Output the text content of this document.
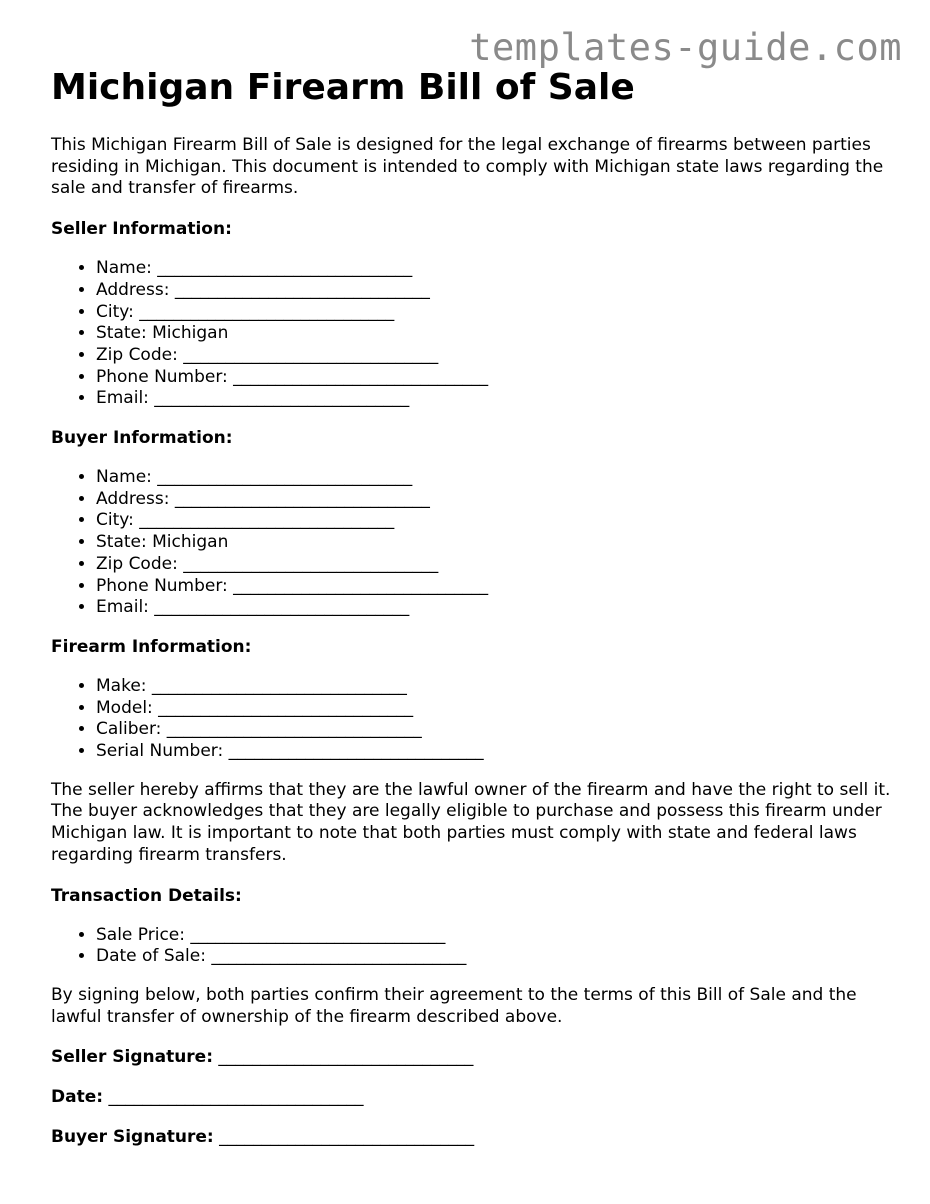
templates-guide.com
Michigan Firearm Bill of Sale

This Michigan Firearm Bill of Sale is designed for the legal exchange of firearms between parties residing in Michigan. This document is intended to comply with Michigan state laws regarding the sale and transfer of firearms.

Seller Information:
• Name: ______________________________
• Address: ______________________________
• City: ______________________________
• State: Michigan
• Zip Code: ______________________________
• Phone Number: ______________________________
• Email: ______________________________
Buyer Information:
• Name: ______________________________
• Address: ______________________________
• City: ______________________________
• State: Michigan
• Zip Code: ______________________________
• Phone Number: ______________________________
• Email: ______________________________
Firearm Information:
• Make: ______________________________
• Model: ______________________________
• Caliber: ______________________________
• Serial Number: ______________________________

The seller hereby affirms that they are the lawful owner of the firearm and have the right to sell it. The buyer acknowledges that they are legally eligible to purchase and possess this firearm under Michigan law. It is important to note that both parties must comply with state and federal laws regarding firearm transfers.

Transaction Details:
• Sale Price: ______________________________
• Date of Sale: ______________________________

By signing below, both parties confirm their agreement to the terms of this Bill of Sale and the lawful transfer of ownership of the firearm described above.

Seller Signature: ______________________________

Date: ______________________________

Buyer Signature: ______________________________
